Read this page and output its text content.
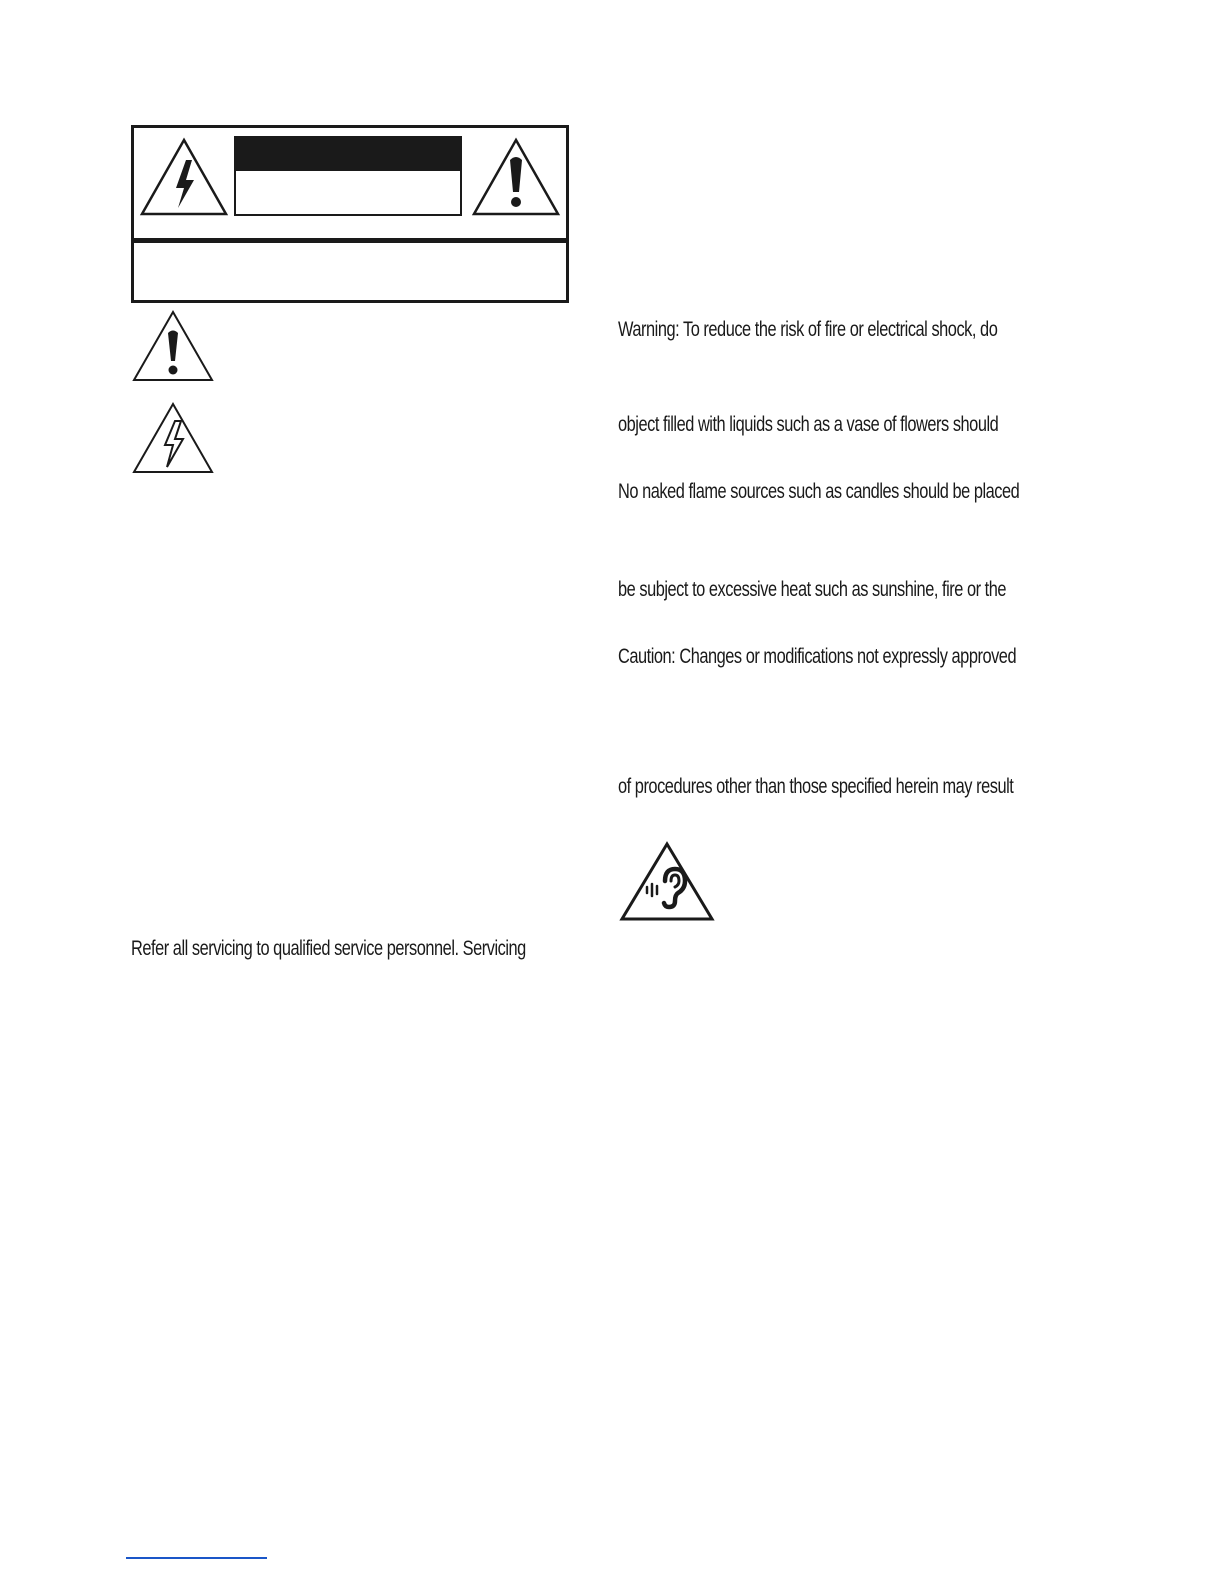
Warning: To reduce the risk of fire or electrical shock, do
object filled with liquids such as a vase of flowers should
No naked flame sources such as candles should be placed
be subject to excessive heat such as sunshine, fire or the
Caution: Changes or modifications not expressly approved
of procedures other than those specified herein may result
Refer all servicing to qualified service personnel. Servicing
